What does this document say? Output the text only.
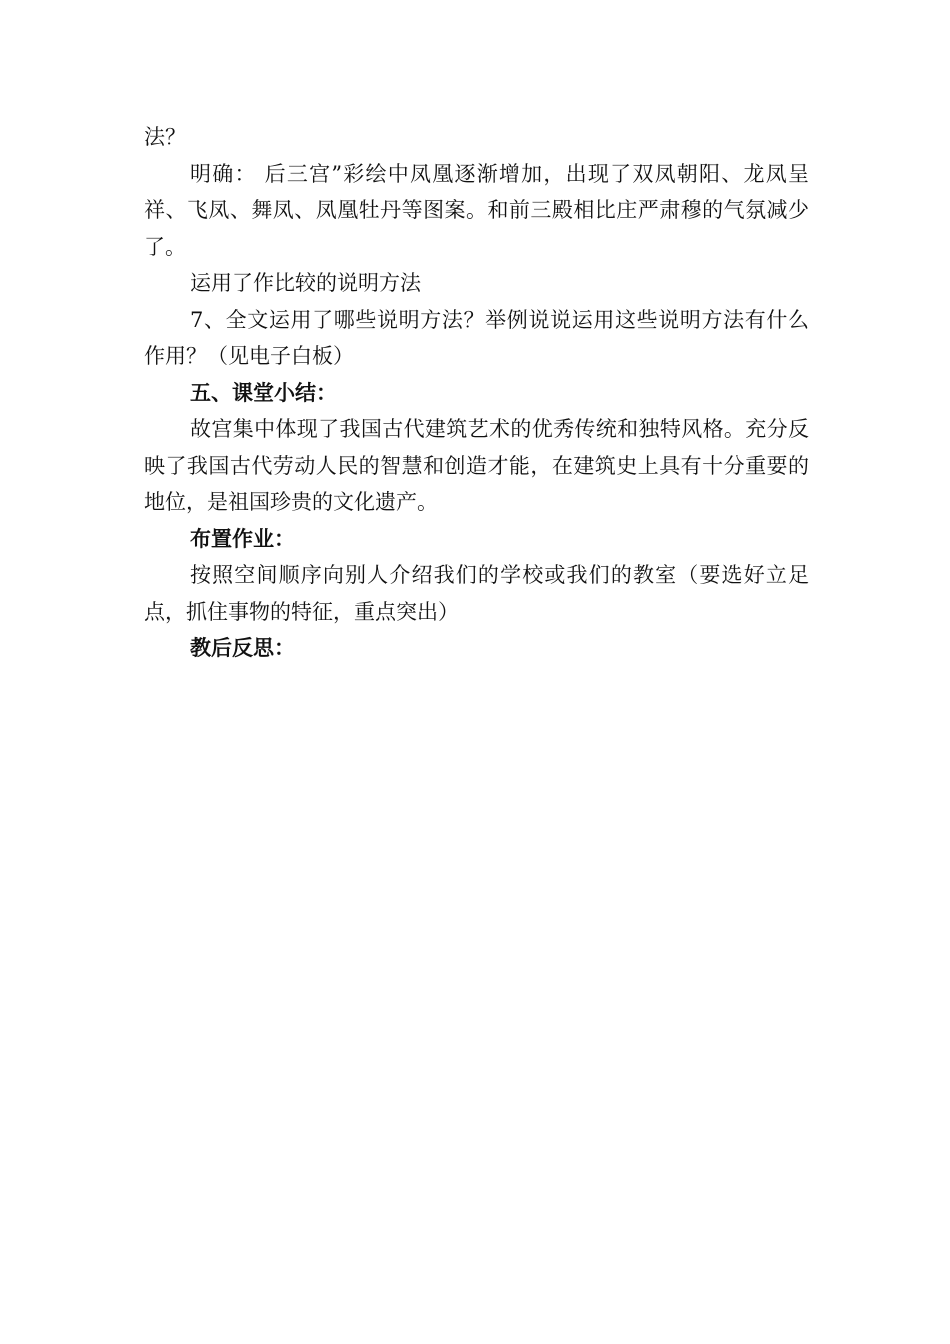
法？

明确： 后三宫”彩绘中凤凰逐渐增加，出现了双凤朝阳、龙凤呈祥、飞凤、舞凤、凤凰牡丹等图案。和前三殿相比庄严肃穆的气氛减少了。

运用了作比较的说明方法

7、全文运用了哪些说明方法？举例说说运用这些说明方法有什么作用？（见电子白板）

五、课堂小结：

故宫集中体现了我国古代建筑艺术的优秀传统和独特风格。充分反映了我国古代劳动人民的智慧和创造才能，在建筑史上具有十分重要的地位，是祖国珍贵的文化遗产。

布置作业：

按照空间顺序向别人介绍我们的学校或我们的教室（要选好立足点，抓住事物的特征，重点突出）

教后反思：
